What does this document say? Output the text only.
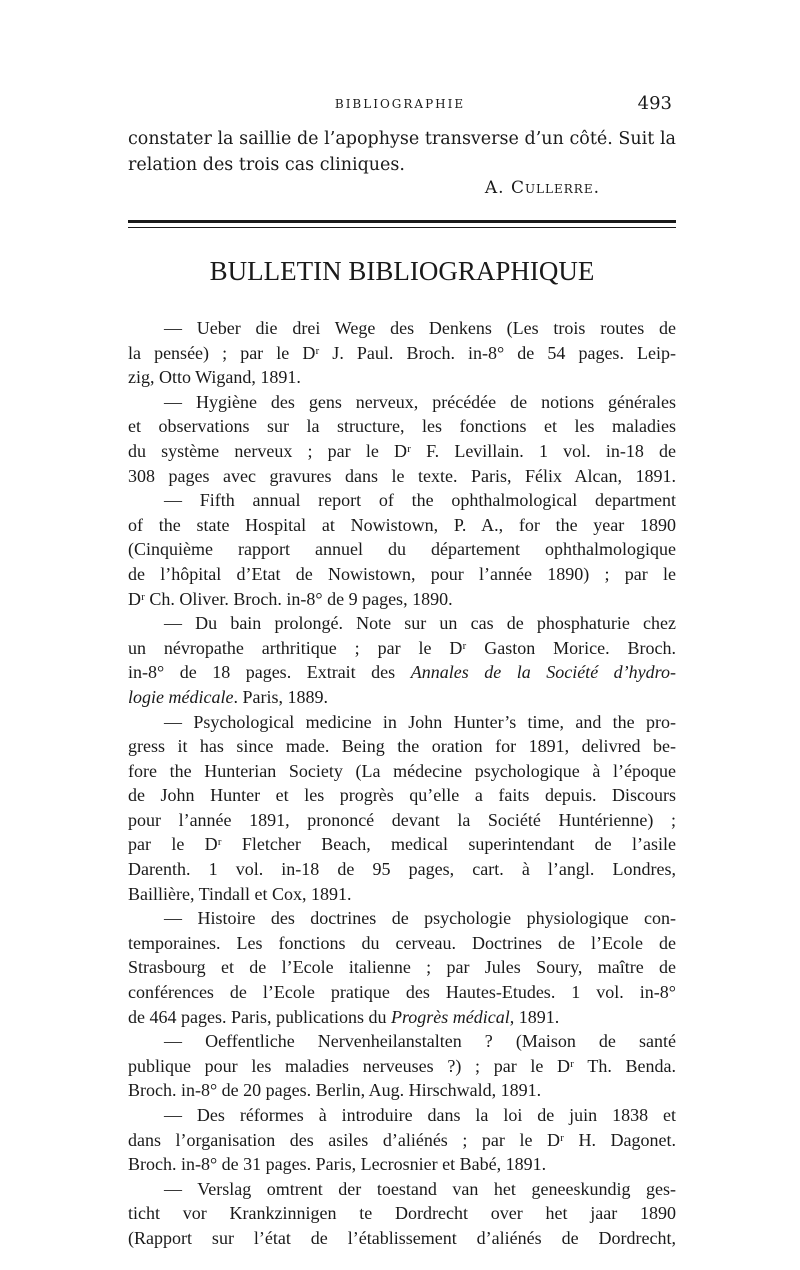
BIBLIOGRAPHIE	493
constater la saillie de l’apophyse transverse d’un côté. Suit la
relation des trois cas cliniques.
A. Cullerre.
BULLETIN BIBLIOGRAPHIQUE
— Ueber die drei Wege des Denkens (Les trois routes de
la pensée) ; par le Dʳ J. Paul. Broch. in-8° de 54 pages. Leip-
zig, Otto Wigand, 1891.
— Hygiène des gens nerveux, précédée de notions générales
et observations sur la structure, les fonctions et les maladies
du système nerveux ; par le Dʳ F. Levillain. 1 vol. in-18 de
308 pages avec gravures dans le texte. Paris, Félix Alcan, 1891.
— Fifth annual report of the ophthalmological department
of the state Hospital at Nowistown, P. A., for the year 1890
(Cinquième rapport annuel du département ophthalmologique
de l’hôpital d’Etat de Nowistown, pour l’année 1890) ; par le
Dʳ Ch. Oliver. Broch. in-8° de 9 pages, 1890.
— Du bain prolongé. Note sur un cas de phosphaturie chez
un névropathe arthritique ; par le Dʳ Gaston Morice. Broch.
in-8° de 18 pages. Extrait des Annales de la Société d’hydro-
logie médicale. Paris, 1889.
— Psychological medicine in John Hunter’s time, and the pro-
gress it has since made. Being the oration for 1891, delivred be-
fore the Hunterian Society (La médecine psychologique à l’époque
de John Hunter et les progrès qu’elle a faits depuis. Discours
pour l’année 1891, prononcé devant la Société Huntérienne) ;
par le Dʳ Fletcher Beach, medical superintendant de l’asile
Darenth. 1 vol. in-18 de 95 pages, cart. à l’angl. Londres,
Baillière, Tindall et Cox, 1891.
— Histoire des doctrines de psychologie physiologique con-
temporaines. Les fonctions du cerveau. Doctrines de l’Ecole de
Strasbourg et de l’Ecole italienne ; par Jules Soury, maître de
conférences de l’Ecole pratique des Hautes-Etudes. 1 vol. in-8°
de 464 pages. Paris, publications du Progrès médical, 1891.
— Oeffentliche Nervenheilanstalten ? (Maison de santé
publique pour les maladies nerveuses ?) ; par le Dʳ Th. Benda.
Broch. in-8° de 20 pages. Berlin, Aug. Hirschwald, 1891.
— Des réformes à introduire dans la loi de juin 1838 et
dans l’organisation des asiles d’aliénés ; par le Dʳ H. Dagonet.
Broch. in-8° de 31 pages. Paris, Lecrosnier et Babé, 1891.
— Verslag omtrent der toestand van het geneeskundig ges-
ticht vor Krankzinnigen te Dordrecht over het jaar 1890
(Rapport sur l’état de l’établissement d’aliénés de Dordrecht,
